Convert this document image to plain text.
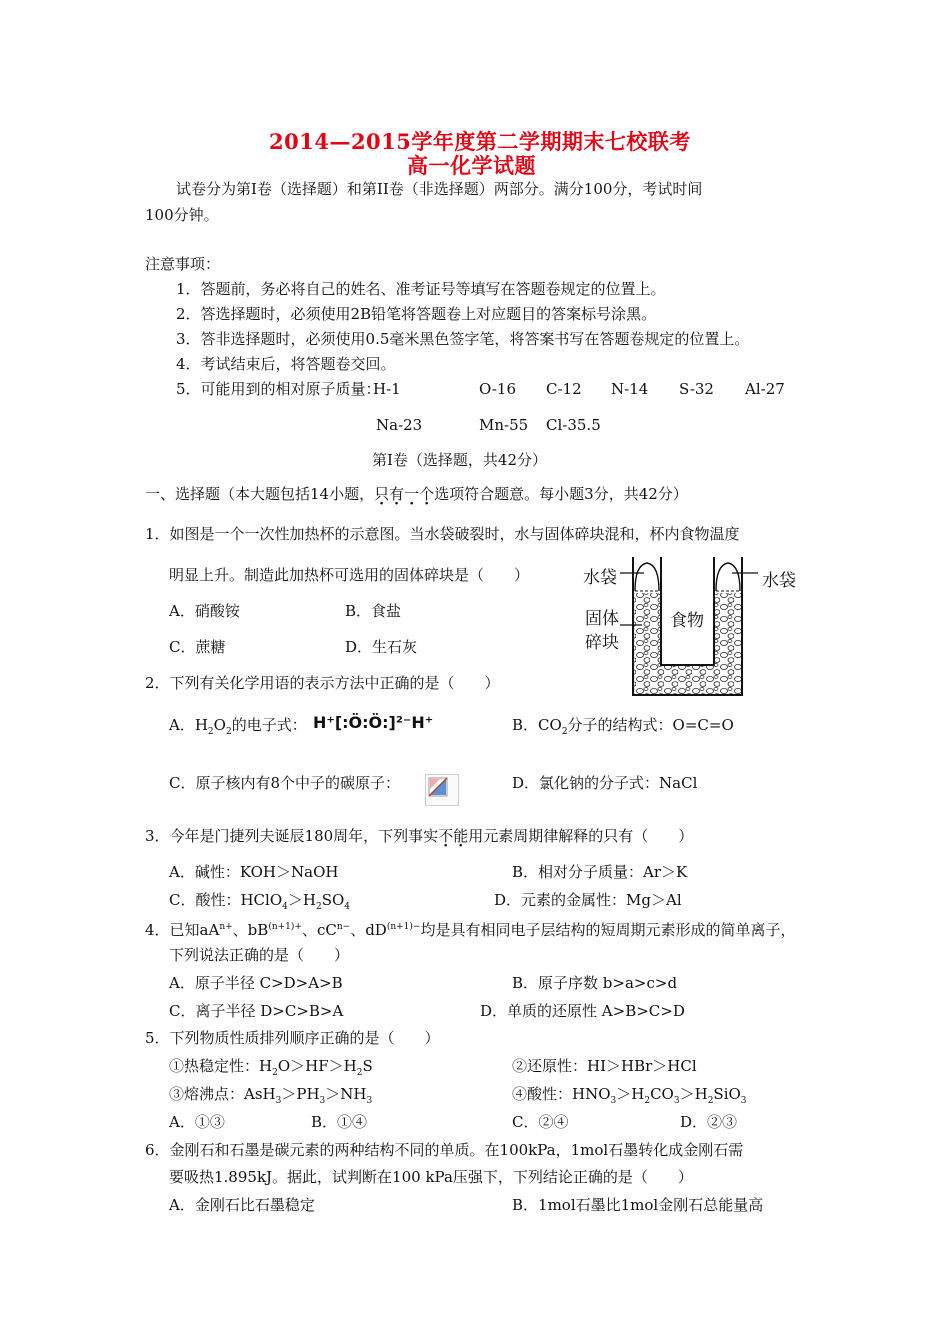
2014—2015学年度第二学期期末七校联考
高一化学试题
试卷分为第Ⅰ卷（选择题）和第II卷（非选择题）两部分。满分100分，考试时间
100分钟。
注意事项：
1．答题前，务必将自己的姓名、准考证号等填写在答题卷规定的位置上。
2．答选择题时，必须使用2B铅笔将答题卷上对应题目的答案标号涂黑。
3．答非选择题时，必须使用0.5毫米黑色签字笔，将答案书写在答题卷规定的位置上。
4．考试结束后，将答题卷交回。
5．可能用到的相对原子质量：
H-1	O-16 C-12 N-14 S-32 Al-27
Na-23	Mn-55 Cl-35.5
第Ⅰ卷（选择题，共42分）
一、选择题（本大题包括14小题，只有一个选项符合题意。每小题3分，共42分）
1．如图是一个一次性加热杯的示意图。当水袋破裂时，水与固体碎块混和，杯内食物温度
明显上升。制造此加热杯可选用的固体碎块是（　　）
A．硝酸铵	B．食盐
C．蔗糖	D．生石灰
水袋	水袋
固体
碎块
食物
2．下列有关化学用语的表示方法中正确的是（　　）
A．$H_2O_2$的电子式： H⁺[:Ö:Ö:]²⁻H⁺	B．$CO_2$分子的结构式：O=C=O
C．原子核内有8个中子的碳原子：	D．氯化钠的分子式：NaCl
3．今年是门捷列夫诞辰180周年，下列事实不能用元素周期律解释的只有（　　）
A．碱性：KOH＞NaOH	B．相对分子质量：Ar＞K
C．酸性：$HClO_4>H_2SO_4$	D．元素的金属性：Mg＞Al
4．已知$aA^{n+}$、$bB^{(n+1)+}$、$cC^{n-}$、$dD^{(n+1)-}$均是具有相同电子层结构的短周期元素形成的简单离子，
下列说法正确的是（　　）
A．原子半径 C>D>A>B	B．原子序数 b>a>c>d
C．离子半径 D>C>B>A	D．单质的还原性 A>B>C>D
5．下列物质性质排列顺序正确的是（　　）
①热稳定性：$H_2O>HF>H_2S$	②还原性：HI＞HBr＞HCl
③熔沸点：$AsH_3>PH_3>NH_3$	④酸性：$HNO_3>H_2CO_3>H_2SiO_3$
A．①③	B．①④	C．②④	D．②③
6．金刚石和石墨是碳元素的两种结构不同的单质。在100kPa，1mol石墨转化成金刚石需
要吸热1.895kJ。据此，试判断在100 kPa压强下，下列结论正确的是（　　）
A．金刚石比石墨稳定	B．1mol石墨比1mol金刚石总能量高
